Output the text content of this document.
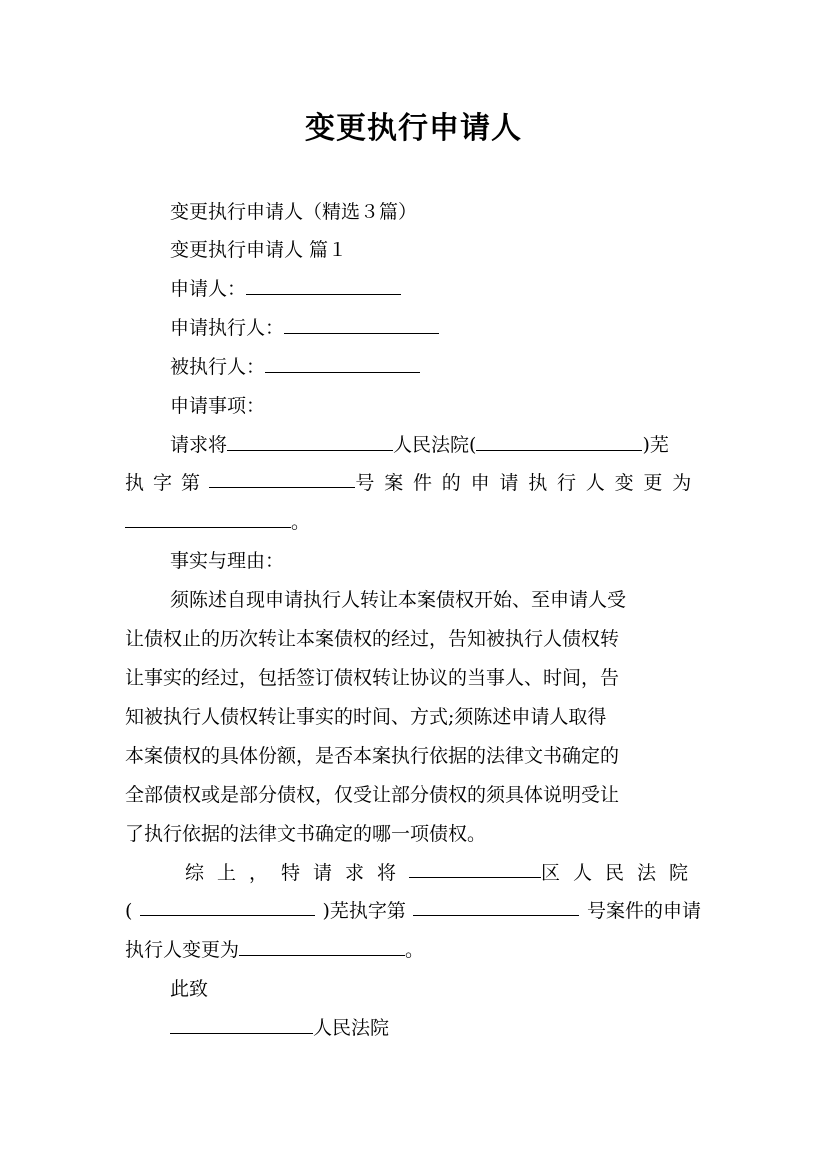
变更执行申请人
变更执行申请人（精选３篇）
变更执行申请人 篇１
申请人：
申请执行人：
被执行人：
申请事项：
请求将	人民法院(	)芜
执字第	号案件的申请执行人变更为
。
事实与理由：
须陈述自现申请执行人转让本案债权开始、至申请人受
让债权止的历次转让本案债权的经过，告知被执行人债权转
让事实的经过，包括签订债权转让协议的当事人、时间，告
知被执行人债权转让事实的时间、方式;须陈述申请人取得
本案债权的具体份额，是否本案执行依据的法律文书确定的
全部债权或是部分债权，仅受让部分债权的须具体说明受让
了执行依据的法律文书确定的哪一项债权。
综上，特请求将	区人民法院
(	)芜执字第	号案件的申请
执行人变更为	。
此致
人民法院
